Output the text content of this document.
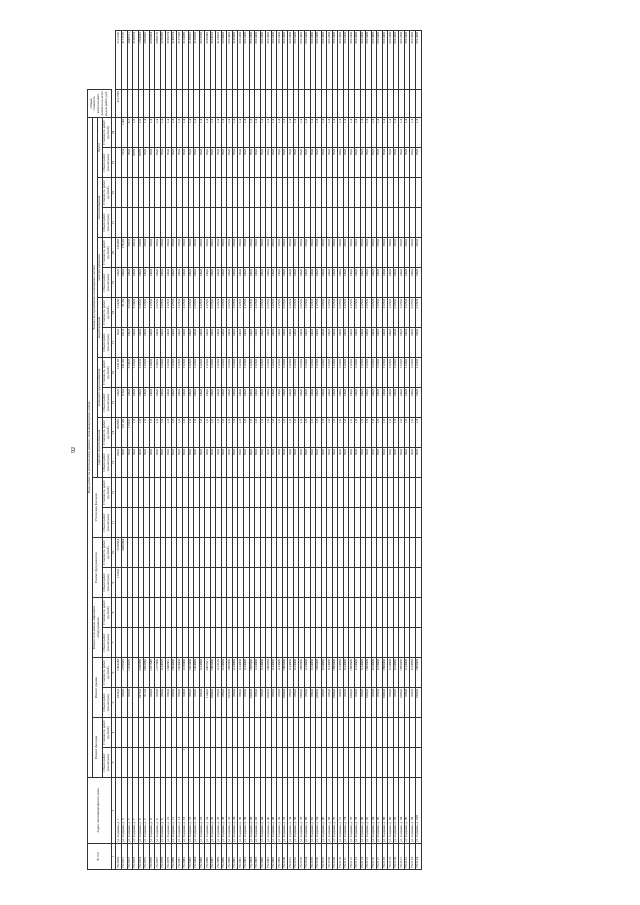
92
№ п/п	Адрес многоквартирного дома	Виды работ по капитальному ремонту многоквартирных домов																						Общая стоимость капитального ремонта по всем видам работ, руб.	
		Ремонт фасадов		Ремонт крыши		Ремонт или замена лифтового оборудования		Ремонт фундаментов		Утепление фасадов		Ремонт внутридомовых инженерных систем													
												горячего водоснабжения		холодного водоснабжения		водоотведения		электроснабжения		теплоснабжения		Всего			
		Объем работ (кв.метров)	Стоимость работ (рублей)	Объем работ (кв.метров)	Стоимость работ (рублей)	Объем работ (кв.метров)	Стоимость работ (рублей)	Объем работ (кв.метров)	Стоимость работ (рублей)	Объем работ (кв.метров)	Стоимость работ (рублей)	Объем работ (кв.метров)	Стоимость работ (рублей)	Объем работ (кв.метров)	Стоимость работ (рублей)	Объем работ (кв.метров)	Стоимость работ (рублей)	Объем работ (кв.метров)	Стоимость работ (рублей)	Объем работ (кв.метров)	Стоимость работ (рублей)	Объем работ (кв.метров)	Стоимость работ (рублей)		
1	2	3	4	5	6	7	8	9	10	11	12	13	14	15	16	17	18	19	20	21	22	23	24		
70.2070	ул. Садовая, д. 1			1056,0	2394240			1156,0	2156024			180,0	296880	140,0	134138	86,0	214,00	140,0	136468					3111536	3111536
70.2071	ул. Садовая, д. 3			690,0	1278329				3436094			80,0	221,00	116,0	231,00	101,0	31,50	140,0	176,20			22,0	1,40		3171135
70.2072	ул. Садовая, д. 5			660,0	1224079							80,0	1156,0	146,0	3146,0	146,0	313,00	146,0	202,0			90,0	4,2		3049511
70.2073	ул. Садовая, д. 7											80,0	1,0	140,0	1120,0	140,0	2134,0	140,0	202,0			8870	1,8		3156974
70.2074	ул. Садовая, д. 9			1076,0	2236880							80,0	1,0	140,0	1122,0	140,0	2166,0	140,0	230,0			8070	1,0		1794499
70.2075	ул. Садовая, д. 2			915,0	2033896							80,0	1,0	140,0	1120,0	140,0	2126,0	140,0	260,0			90,0	1,4		3298090
70.2076	ул. Садовая, д. 4			690,0	1227849							80,0	1,0	140,0	1100,0	140,0	2129,0	140,0	260,0			90,0	1,4		3259004
70.2077	ул. Садовая, д. 6			690,0	1277000							80,0	1,0	140,0	1100,0	140,0	2129,0	140,0	260,0			90,0	1,4		3288170
70.2078	ул. Садовая, д. 8			690,0	1124016							80,0	1,0	140,0	1120,0	140,0	2129,0	140,0	260,0			90,0	1,4		3276299
70.2079	ул. Садовая, д. 10			690,0	1040801							80,0	1,0	140,0	1120,0	140,0	2129,0	140,0	260,0			90,0	1,4		3198274
70.2080	ул. Садовая, д. 12			690,0	1024000							80,0	1,0	140,0	1120,0	140,0	2129,0	140,0	260,0			90,0	1,4		3148254
70.2081	ул. Садовая, д. 14			690,0	1024000							80,0	1,0	140,0	1120,0	140,0	2129,0	140,0	260,0			90,0	1,4		3127508
70.2082	ул. Садовая, д. 16	1		640,0	1129000							80,0	1,0	140,0	1120,0	140,0	2129,0	140,0	260,0			90,0	1,4		3124088
70.2083	ул. Садовая, д. 18			690,0	1025000							80,0	1,0	140,0	1120,0	140,0	2129,0	140,0	260,0			90,0	1,4		3138022
70.2084	ул. Садовая, д. 20			690,0	1024000							80,0	1,0	140,0	1120,0	140,0	2129,0	140,0	260,0			90,0	1,4		3120900
70.2085	ул. Садовая, д. 22			690,0	1124000							80,0	1,0	140,0	1120,0	140,0	2129,0	140,0	260,0			90,0	1,4		3163290
70.2086	ул. Садовая, д. 24			1140,0	2001011							80,0	1,0	140,0	1120,0	140,0	2129,0	140,0	260,0			90,0	1,4		3189048
70.2087	ул. Садовая, д. 26			1000,0	1899000							80,0	1,0	140,0	1120,0	140,0	2129,0	140,0	260,0			90,0	1,4		3194018
70.2088	ул. Садовая, д. 28			690,0	1123120							80,0	1,0	140,0	1120,0	140,0	2129,0	140,0	260,0			90,0	1,4		3113023
70.2089	ул. Садовая, д. 30			690,0	1124000							80,0	1,0	140,0	1120,0	140,0	2129,0	140,0	260,0			90,0	1,4		3164000
70.2090	ул. Садовая, д. 32			1050,0	1898000							80,0	1,0	140,0	1120,0	140,0	2129,0	140,0	260,0			90,0	1,4		3101400
70.2091	ул. Садовая, д. 34			690,0	1124000							80,0	1,0	140,0	1120,0	140,0	2129,0	140,0	260,0			90,0	1,4		3139000
70.2092	ул. Садовая, д. 36			690,0	1124000							80,0	1,0	140,0	1120,0	140,0	2129,0	140,0	260,0			90,0	1,4		3101400
70.2093	ул. Садовая, д. 38			690,0	1124000							80,0	1,0	140,0	1120,0	140,0	2129,0	140,0	260,0			90,0	1,4		3101400
70.2094	ул. Садовая, д. 40			1000,0	1898000							80,0	1,0	140,0	1120,0	140,0	2129,0	140,0	260,0			90,0	1,4		3101400
70.2095	ул. Садовая, д. 42			690,0	1124000							80,0	1,0	140,0	1120,0	140,0	2129,0	140,0	260,0			90,0	1,4		3101400
70.2096	ул. Садовая, д. 44			690,0	1124000							80,0	1,0	140,0	1120,0	140,0	2129,0	140,0	260,0			90,0	1,4		3101400
70.2097	ул. Садовая, д. 46			1000,0	1898000							80,0	1,0	140,0	1120,0	140,0	2129,0	140,0	260,0			90,0	1,4		3101400
70.2098	ул. Садовая, д. 48			690,0	1124000							80,0	1,0	140,0	1120,0	140,0	2129,0	140,0	260,0			90,0	1,4		3101400
70.2099	ул. Садовая, д. 50			690,0	1124000							80,0	1,0	140,0	1120,0	140,0	2129,0	140,0	260,0			90,0	1,4		3101400
70.2100	ул. Садовая, д. 52			1000,0	1898000							80,0	1,0	140,0	1120,0	140,0	2129,0	140,0	260,0			90,0	1,4		3101400
70.2101	ул. Садовая, д. 54			690,0	1124000							80,0	1,0	140,0	1120,0	140,0	2129,0	140,0	260,0			90,0	1,4		3101400
70.2102	ул. Садовая, д. 56			690,0	1124000							80,0	1,0	140,0	1120,0	140,0	2129,0	140,0	260,0			90,0	1,4		3101400
70.2103	ул. Садовая, д. 58			1000,0	1898000							80,0	1,0	140,0	1120,0	140,0	2129,0	140,0	260,0			90,0	1,4		3101400
70.2104	ул. Садовая, д. 60			690,0	1124000							80,0	1,0	140,0	1120,0	140,0	2129,0	140,0	260,0			90,0	1,4		3101400
70.2105	ул. Садовая, д. 62			690,0	1124000							80,0	1,0	140,0	1120,0	140,0	2129,0	140,0	260,0			90,0	1,4		3101400
70.2106	ул. Садовая, д. 64			1000,0	1898000							80,0	1,0	140,0	1120,0	140,0	2129,0	140,0	260,0			90,0	1,4		3101400
70.2107	ул. Садовая, д. 66			690,0	1124000							80,0	1,0	140,0	1120,0	140,0	2129,0	140,0	260,0			90,0	1,4		3101400
70.2108	ул. Садовая, д. 68			690,0	1124000							80,0	1,0	140,0	1120,0	140,0	2129,0	140,0	260,0			90,0	1,4		3101400
70.2109	ул. Садовая, д. 70			1000,0	1898000							80,0	1,0	140,0	1120,0	140,0	2129,0	140,0	260,0			90,0	1,4		3101400
70.2110	ул. Садовая, д. 72			690,0	1124000							80,0	1,0	140,0	1120,0	140,0	2129,0	140,0	260,0			90,0	1,4		3101400
70.2111	ул. Садовая, д. 74			690,0	1124000							80,0	1,0	140,0	1120,0	140,0	2129,0	140,0	260,0			90,0	1,4		3101400
70.2112	ул. Садовая, д. 76			1000,0	1898000							80,0	1,0	140,0	1120,0	140,0	2129,0	140,0	260,0			90,0	1,4		3101400
70.2113	ул. Садовая, д. 78			690,0	1124000							80,0	1,0	140,0	1120,0	140,0	2129,0	140,0	260,0			90,0	1,4		3101400
70.2114	ул. Садовая, д. 80			690,0	1124000							80,0	1,0	140,0	1120,0	140,0	2129,0	140,0	260,0			90,0	1,4		3101400
70.2115	ул. Садовая, д. 82			1000,0	1898000							80,0	1,0	140,0	1120,0	140,0	2129,0	140,0	260,0			90,0	1,4		3101400
70.2116	ул. Садовая, д. 84			690,0	1124000							80,0	1,0	140,0	1120,0	140,0	2129,0	140,0	260,0			90,0	1,4		3101400
70.2117	ул. Садовая, д. 86			690,0	1124000							80,0	1,0	140,0	1120,0	140,0	2129,0	140,0	260,0			90,0	1,4		3101400
70.2118	ул. Садовая, д. 88			1000,0	1898000							80,0	1,0	140,0	1120,0	140,0	2129,0	140,0	260,0			90,0	1,4		3101400
70.2119	ул. Садовая, д. 90			690,0	1124000							80,0	1,0	140,0	1120,0	140,0	2129,0	140,0	260,0			90,0	1,4		3101400
70.2120	ул. Садовая, д. 92			690,0	1124000							80,0	1,0	140,0	1120,0	140,0	2129,0	140,0	260,0			90,0	1,4		3101400
70.2121	ул. Садовая, д. 94			1000,0	1898000							80,0	1,0	140,0	1120,0	140,0	2129,0	140,0	260,0			90,0	1,4		3101400
70.2122	ул. Садовая, д. 96			690,0	1124000							80,0	1,0	140,0	1120,0	140,0	2129,0	140,0	260,0			90,0	1,4		3101400
70.2123	ул. Садовая, д. 98			690,0	1124000							80,0	1,0	140,0	1120,0	140,0	2129,0	140,0	260,0			90,0	1,4		3101400
70.2124	ул. Садовая, д. 100			1000,0	1898000							80,0	1,0	140,0	1120,0	140,0	2129,0	140,0	260,0			90,0	1,4		3101400
